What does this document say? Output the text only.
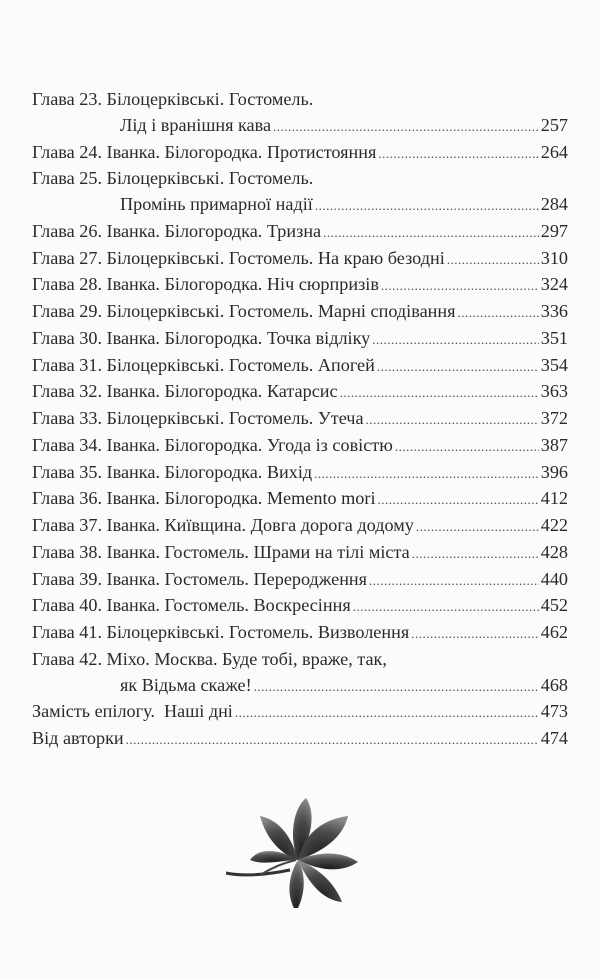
Глава 23. Білоцерківські. Гостомель.
Лід і вранішня кава .....	257
Глава 24. Іванка. Білогородка. Протистояння .....	264
Глава 25. Білоцерківські. Гостомель.
Промінь примарної надії .....	284
Глава 26. Іванка. Білогородка. Тризна .....	297
Глава 27. Білоцерківські. Гостомель. На краю безодні .....	310
Глава 28. Іванка. Білогородка. Ніч сюрпризів .....	324
Глава 29. Білоцерківські. Гостомель. Марні сподівання .....	336
Глава 30. Іванка. Білогородка. Точка відліку .....	351
Глава 31. Білоцерківські. Гостомель. Апогей .....	354
Глава 32. Іванка. Білогородка. Катарсис .....	363
Глава 33. Білоцерківські. Гостомель. Утеча .....	372
Глава 34. Іванка. Білогородка. Угода із совістю .....	387
Глава 35. Іванка. Білогородка. Вихід .....	396
Глава 36. Іванка. Білогородка. Memento mori .....	412
Глава 37. Іванка. Київщина. Довга дорога додому .....	422
Глава 38. Іванка. Гостомель. Шрами на тілі міста .....	428
Глава 39. Іванка. Гостомель. Переродження .....	440
Глава 40. Іванка. Гостомель. Воскресіння .....	452
Глава 41. Білоцерківські. Гостомель. Визволення .....	462
Глава 42. Міхо. Москва. Буде тобі, враже, так,
як Відьма скаже! .....	468
Замість епілогу.  Наші дні .....	473
Від авторки .....	474
